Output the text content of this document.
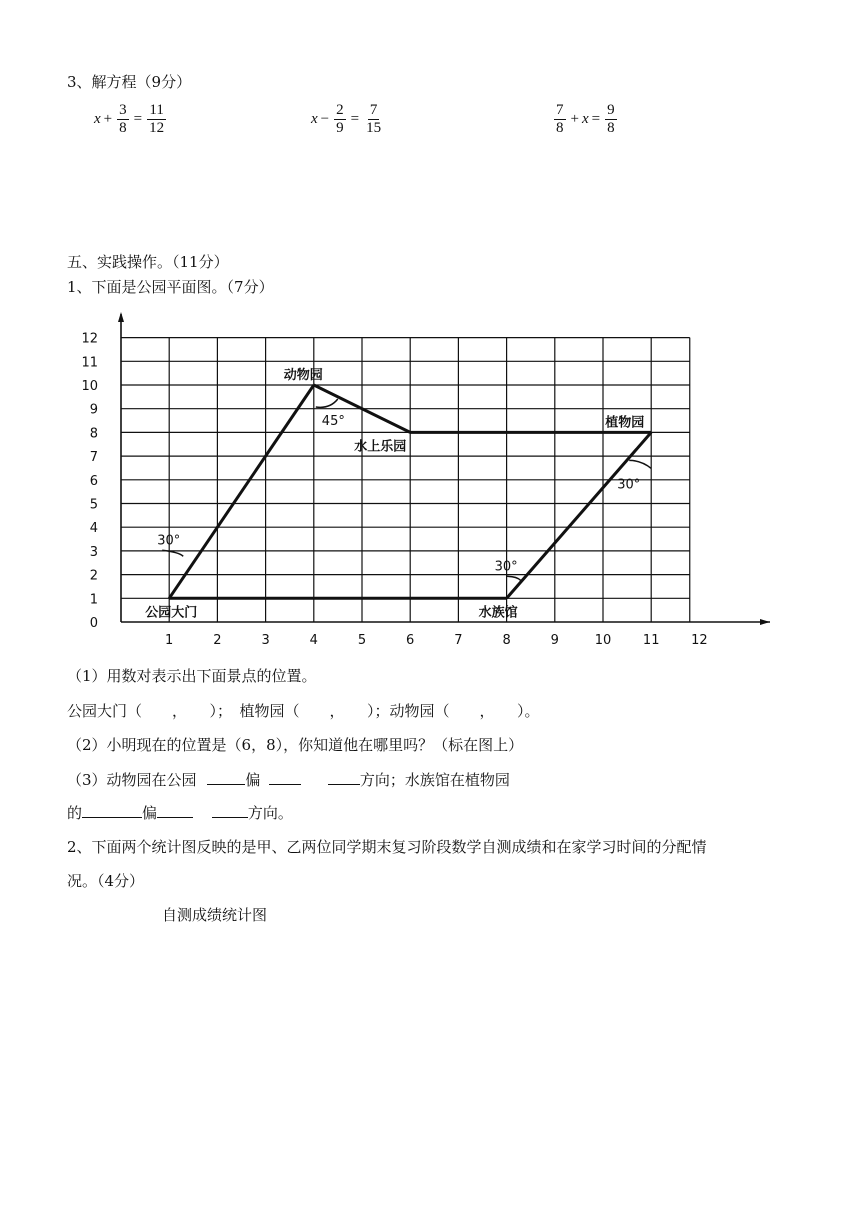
3、解方程（9分）
$x + \frac{3}{8} = \frac{11}{12}$	$x - \frac{2}{9} = \frac{7}{15}$	7
8
+ $x = \frac{9}{8}$
五、实践操作。（11分）
1、下面是公园平面图。（7分）
12
11
10
9
8
7
6
5
4
3
2
1
0
1	2	3	4	5	6	7	8	9	10 11 12
动物园
水上乐园
植物园
公园大门	水族馆
45°
30°
30°
30°
（1）用数对表示出下面景点的位置。
公园大门（　　，　　）；　植物园（　　，　　）；动物园（　　，　　）。
（2）小明现在的位置是（6，8），你知道他在哪里吗？（标在图上）
（3）动物园在公园	偏	方向；水族馆在植物园
的	偏	方向。
2、下面两个统计图反映的是甲、乙两位同学期末复习阶段数学自测成绩和在家学习时间的分配情
况。（4分）
自测成绩统计图
